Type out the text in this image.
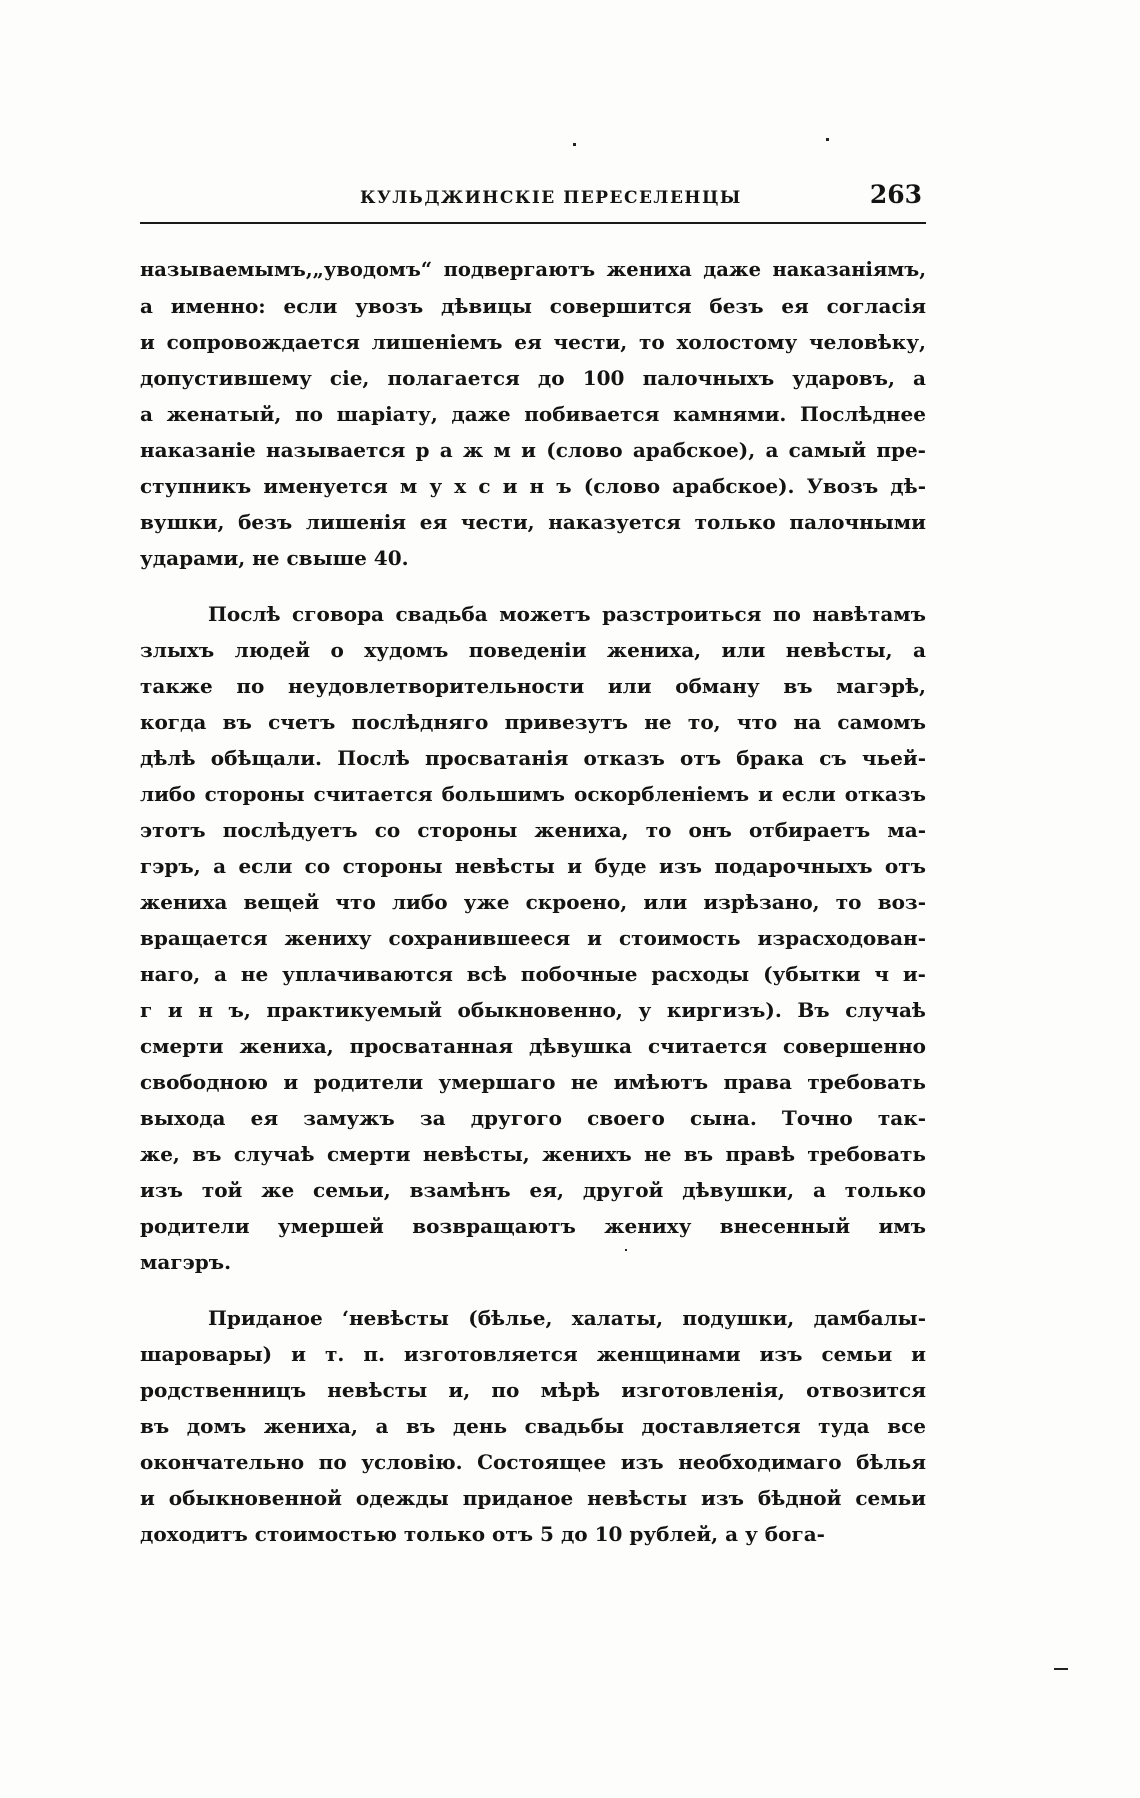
КУЛЬДЖИНСКІЕ ПЕРЕСЕЛЕНЦЫ	263

называемымъ,„уводомъ“ подвергаютъ жениха даже наказаніямъ,
а именно: если увозъ дѣвицы совершится безъ ея согласія
и сопровождается лишеніемъ ея чести, то холостому человѣку,
допустившему сіе, полагается до 100 палочныхъ ударовъ, а
а женатый, по шаріату, даже побивается камнями. Послѣднее
наказаніе называется р а ж м и (слово арабское), а самый пре-
ступникъ именуется м у х с и н ъ (слово арабское). Увозъ дѣ-
вушки, безъ лишенія ея чести, наказуется только палочными
ударами, не свыше 40.

Послѣ сговора свадьба можетъ разстроиться по навѣтамъ
злыхъ людей о худомъ поведеніи жениха, или невѣсты, а
также по неудовлетворительности или обману въ магэрѣ,
когда въ счетъ послѣдняго привезутъ не то, что на самомъ
дѣлѣ обѣщали. Послѣ просватанія отказъ отъ брака съ чьей-
либо стороны считается большимъ оскорбленіемъ и если отказъ
этотъ послѣдуетъ со стороны жениха, то онъ отбираетъ ма-
гэръ, а если со стороны невѣсты и буде изъ подарочныхъ отъ
жениха вещей что либо уже скроено, или изрѣзано, то воз-
вращается жениху сохранившееся и стоимость израсходован-
наго, а не уплачиваются всѣ побочные расходы (убытки ч и-
г и н ъ, практикуемый обыкновенно, у киргизъ). Въ случаѣ
смерти жениха, просватанная дѣвушка считается совершенно
свободною и родители умершаго не имѣютъ права требовать
выхода ея замужъ за другого своего сына. Точно так-
же, въ случаѣ смерти невѣсты, женихъ не въ правѣ требовать
изъ той же семьи, взамѣнъ ея, другой дѣвушки, а только
родители умершей возвращаютъ жениху внесенный имъ
магэръ.

Приданое ʻневѣсты (бѣлье, халаты, подушки, дамбалы-
шаровары) и т. п. изготовляется женщинами изъ семьи и
родственницъ невѣсты и, по мѣрѣ изготовленія, отвозится
въ домъ жениха, а въ день свадьбы доставляется туда все
окончательно по условію. Состоящее изъ необходимаго бѣлья
и обыкновенной одежды приданое невѣсты изъ бѣдной семьи
доходитъ стоимостью только отъ 5 до 10 рублей, а у бога-
